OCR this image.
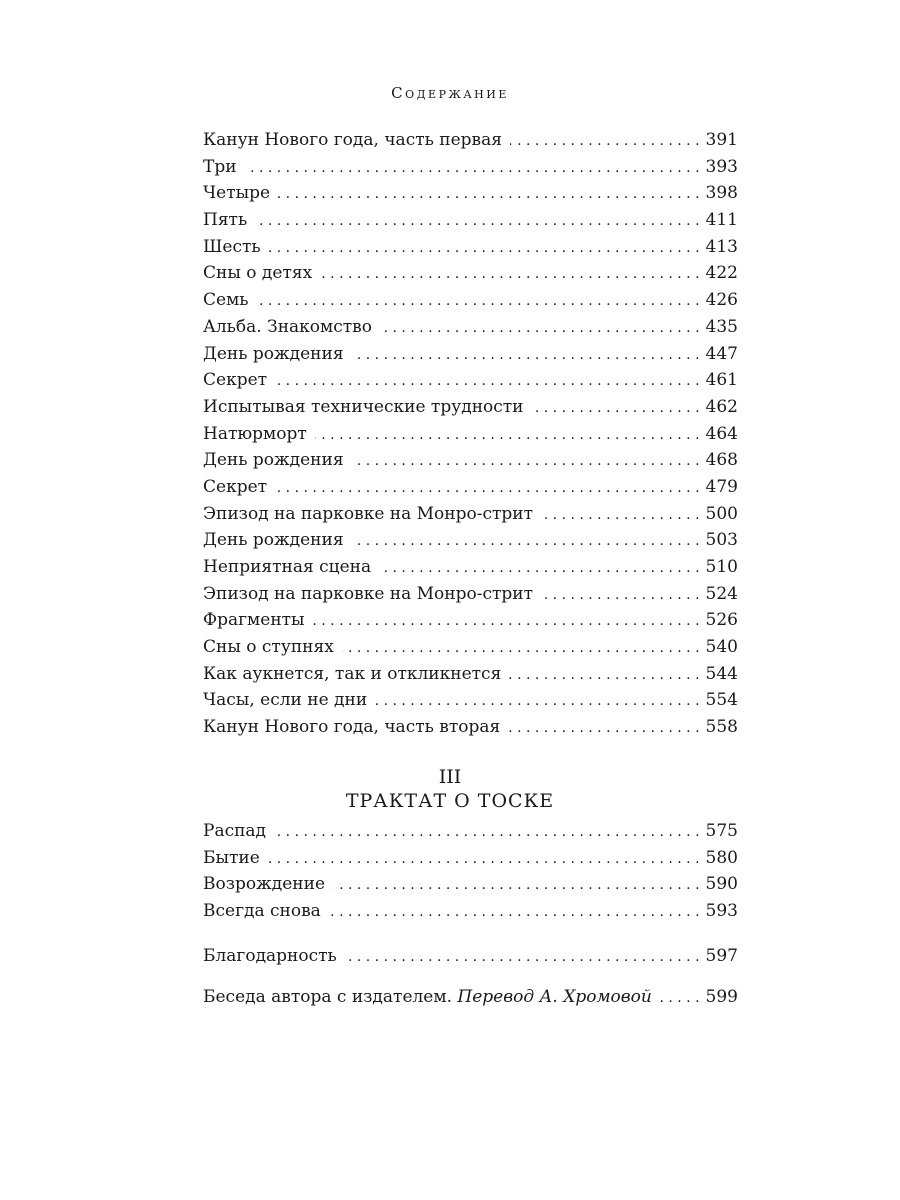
Содержание
Канун Нового года, часть первая . . .	391
Три . . .	393
Четыре . . .	398
Пять . . .	411
Шесть . . .	413
Сны о детях . . .	422
Семь . . .	426
Альба. Знакомство . . .	435
День рождения . . .	447
Секрет . . .	461
Испытывая технические трудности . . .	462
Натюрморт . . .	464
День рождения . . .	468
Секрет . . .	479
Эпизод на парковке на Монро-стрит . . .	500
День рождения . . .	503
Неприятная сцена . . .	510
Эпизод на парковке на Монро-стрит . . .	524
Фрагменты . . .	526
Сны о ступнях . . .	540
Как аукнется, так и откликнется . . .	544
Часы, если не дни . . .	554
Канун Нового года, часть вторая . . .	558
III
ТРАКТАТ О ТОСКЕ
Распад . . .	575
Бытие . . .	580
Возрождение . . .	590
Всегда снова . . .	593
Благодарность . . .	597
Беседа автора с издателем. Перевод А. Хромовой . . .	599
